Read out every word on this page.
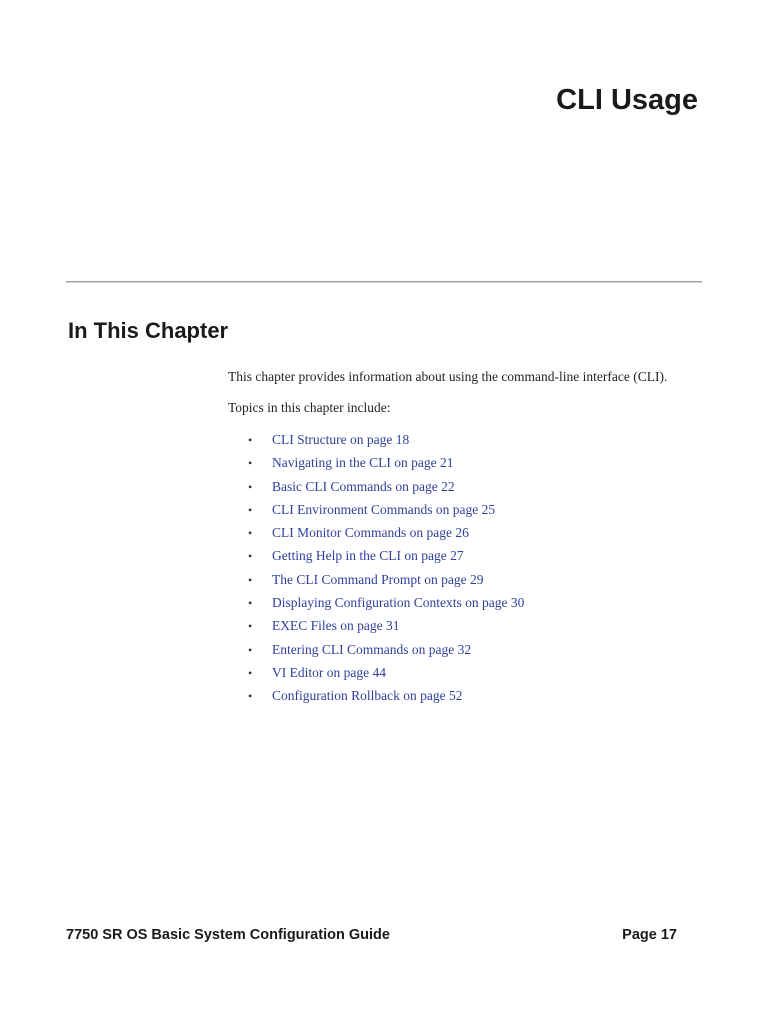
CLI Usage
In This Chapter

This chapter provides information about using the command-line interface (CLI).

Topics in this chapter include:

• CLI Structure on page 18
• Navigating in the CLI on page 21
• Basic CLI Commands on page 22
• CLI Environment Commands on page 25
• CLI Monitor Commands on page 26
• Getting Help in the CLI on page 27
• The CLI Command Prompt on page 29
• Displaying Configuration Contexts on page 30
• EXEC Files on page 31
• Entering CLI Commands on page 32
• VI Editor on page 44
• Configuration Rollback on page 52
7750 SR OS Basic System Configuration Guide	Page 17
